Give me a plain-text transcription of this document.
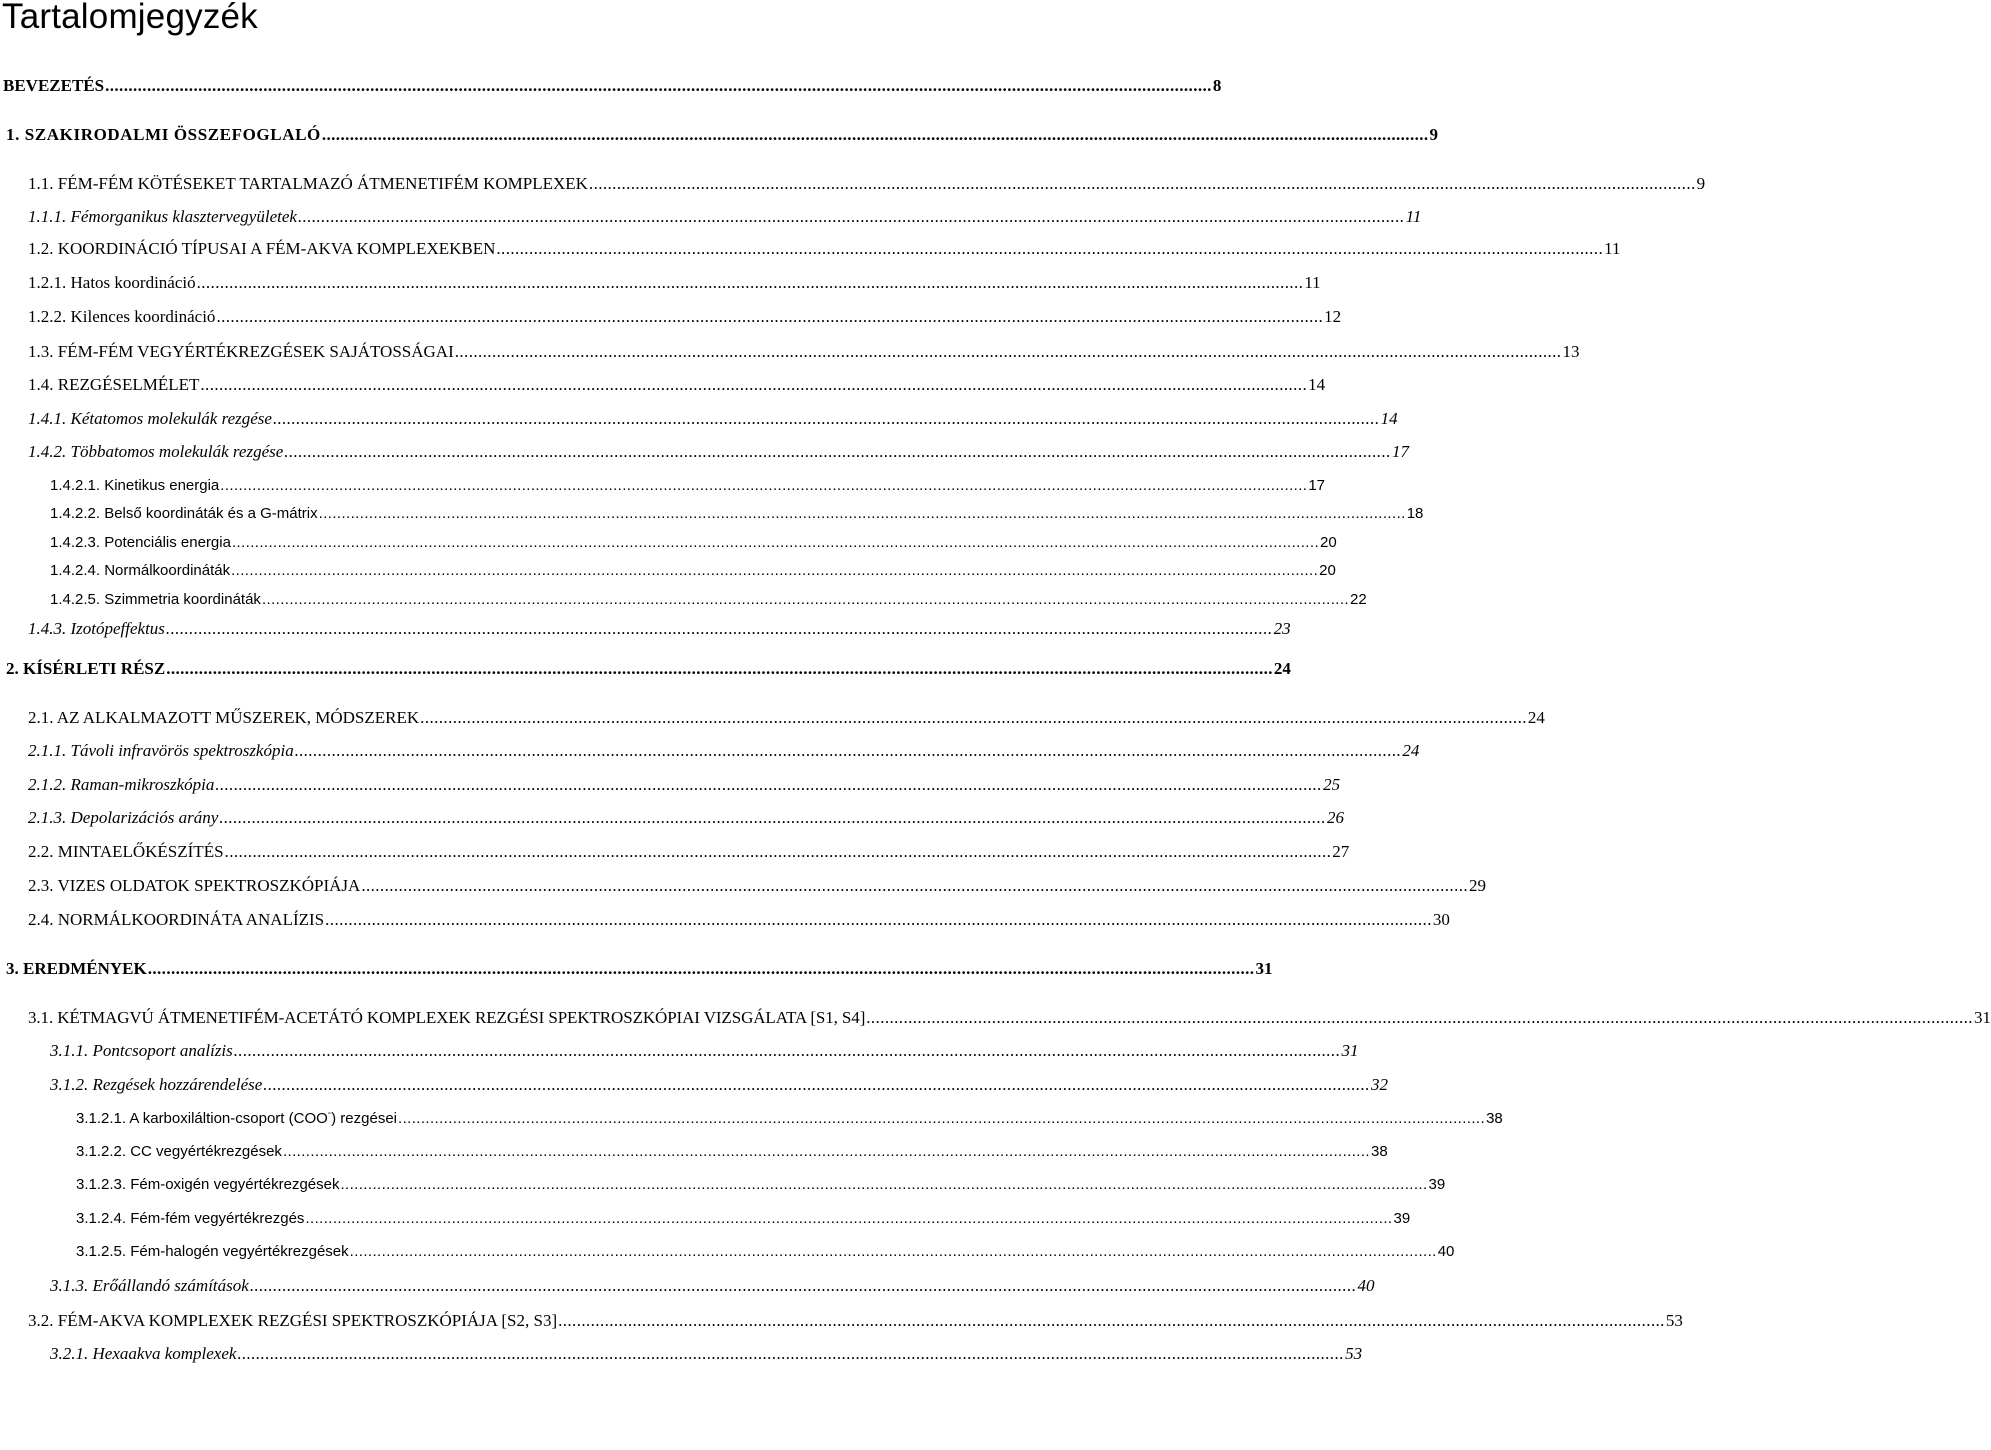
Tartalomjegyzék
BEVEZETÉS .............................................................................................................................................................................................................................................. 8
1. SZAKIRODALMI ÖSSZEFOGLALÓ .............................................................................................................................................................................................................................................. 9
1.1. FÉM-FÉM KÖTÉSEKET TARTALMAZÓ ÁTMENETIFÉM KOMPLEXEK .............................................................................................................................................................................................................................................. 9
1.1.1. Fémorganikus klasztervegyületek .............................................................................................................................................................................................................................................. 11
1.2. KOORDINÁCIÓ TÍPUSAI A FÉM-AKVA KOMPLEXEKBEN .............................................................................................................................................................................................................................................. 11
1.2.1. Hatos koordináció .............................................................................................................................................................................................................................................. 11
1.2.2. Kilences koordináció .............................................................................................................................................................................................................................................. 12
1.3. FÉM-FÉM VEGYÉRTÉKREZGÉSEK SAJÁTOSSÁGAI .............................................................................................................................................................................................................................................. 13
1.4. REZGÉSELMÉLET .............................................................................................................................................................................................................................................. 14
1.4.1. Kétatomos molekulák rezgése .............................................................................................................................................................................................................................................. 14
1.4.2. Többatomos molekulák rezgése .............................................................................................................................................................................................................................................. 17
1.4.2.1. Kinetikus energia .............................................................................................................................................................................................................................................. 17
1.4.2.2. Belső koordináták és a G-mátrix .............................................................................................................................................................................................................................................. 18
1.4.2.3. Potenciális energia .............................................................................................................................................................................................................................................. 20
1.4.2.4. Normálkoordináták .............................................................................................................................................................................................................................................. 20
1.4.2.5. Szimmetria koordináták .............................................................................................................................................................................................................................................. 22
1.4.3. Izotópeffektus .............................................................................................................................................................................................................................................. 23
2. KÍSÉRLETI RÉSZ .............................................................................................................................................................................................................................................. 24
2.1. AZ ALKALMAZOTT MŰSZEREK, MÓDSZEREK .............................................................................................................................................................................................................................................. 24
2.1.1. Távoli infravörös spektroszkópia .............................................................................................................................................................................................................................................. 24
2.1.2. Raman-mikroszkópia .............................................................................................................................................................................................................................................. 25
2.1.3. Depolarizációs arány .............................................................................................................................................................................................................................................. 26
2.2. MINTAELŐKÉSZÍTÉS .............................................................................................................................................................................................................................................. 27
2.3. VIZES OLDATOK SPEKTROSZKÓPIÁJA .............................................................................................................................................................................................................................................. 29
2.4. NORMÁLKOORDINÁTA ANALÍZIS .............................................................................................................................................................................................................................................. 30
3. EREDMÉNYEK .............................................................................................................................................................................................................................................. 31
3.1. KÉTMAGVÚ ÁTMENETIFÉM-ACETÁTÓ KOMPLEXEK REZGÉSI SPEKTROSZKÓPIAI VIZSGÁLATA [S1, S4] .............................................................................................................................................................................................................................................. 31
3.1.1. Pontcsoport analízis .............................................................................................................................................................................................................................................. 31
3.1.2. Rezgések hozzárendelése .............................................................................................................................................................................................................................................. 32
3.1.2.1. A karboxiláltion-csoport (COO-) rezgései .............................................................................................................................................................................................................................................. 38
3.1.2.2. CC vegyértékrezgések .............................................................................................................................................................................................................................................. 38
3.1.2.3. Fém-oxigén vegyértékrezgések .............................................................................................................................................................................................................................................. 39
3.1.2.4. Fém-fém vegyértékrezgés .............................................................................................................................................................................................................................................. 39
3.1.2.5. Fém-halogén vegyértékrezgések .............................................................................................................................................................................................................................................. 40
3.1.3. Erőállandó számítások .............................................................................................................................................................................................................................................. 40
3.2. FÉM-AKVA KOMPLEXEK REZGÉSI SPEKTROSZKÓPIÁJA [S2, S3] .............................................................................................................................................................................................................................................. 53
3.2.1. Hexaakva komplexek .............................................................................................................................................................................................................................................. 53
